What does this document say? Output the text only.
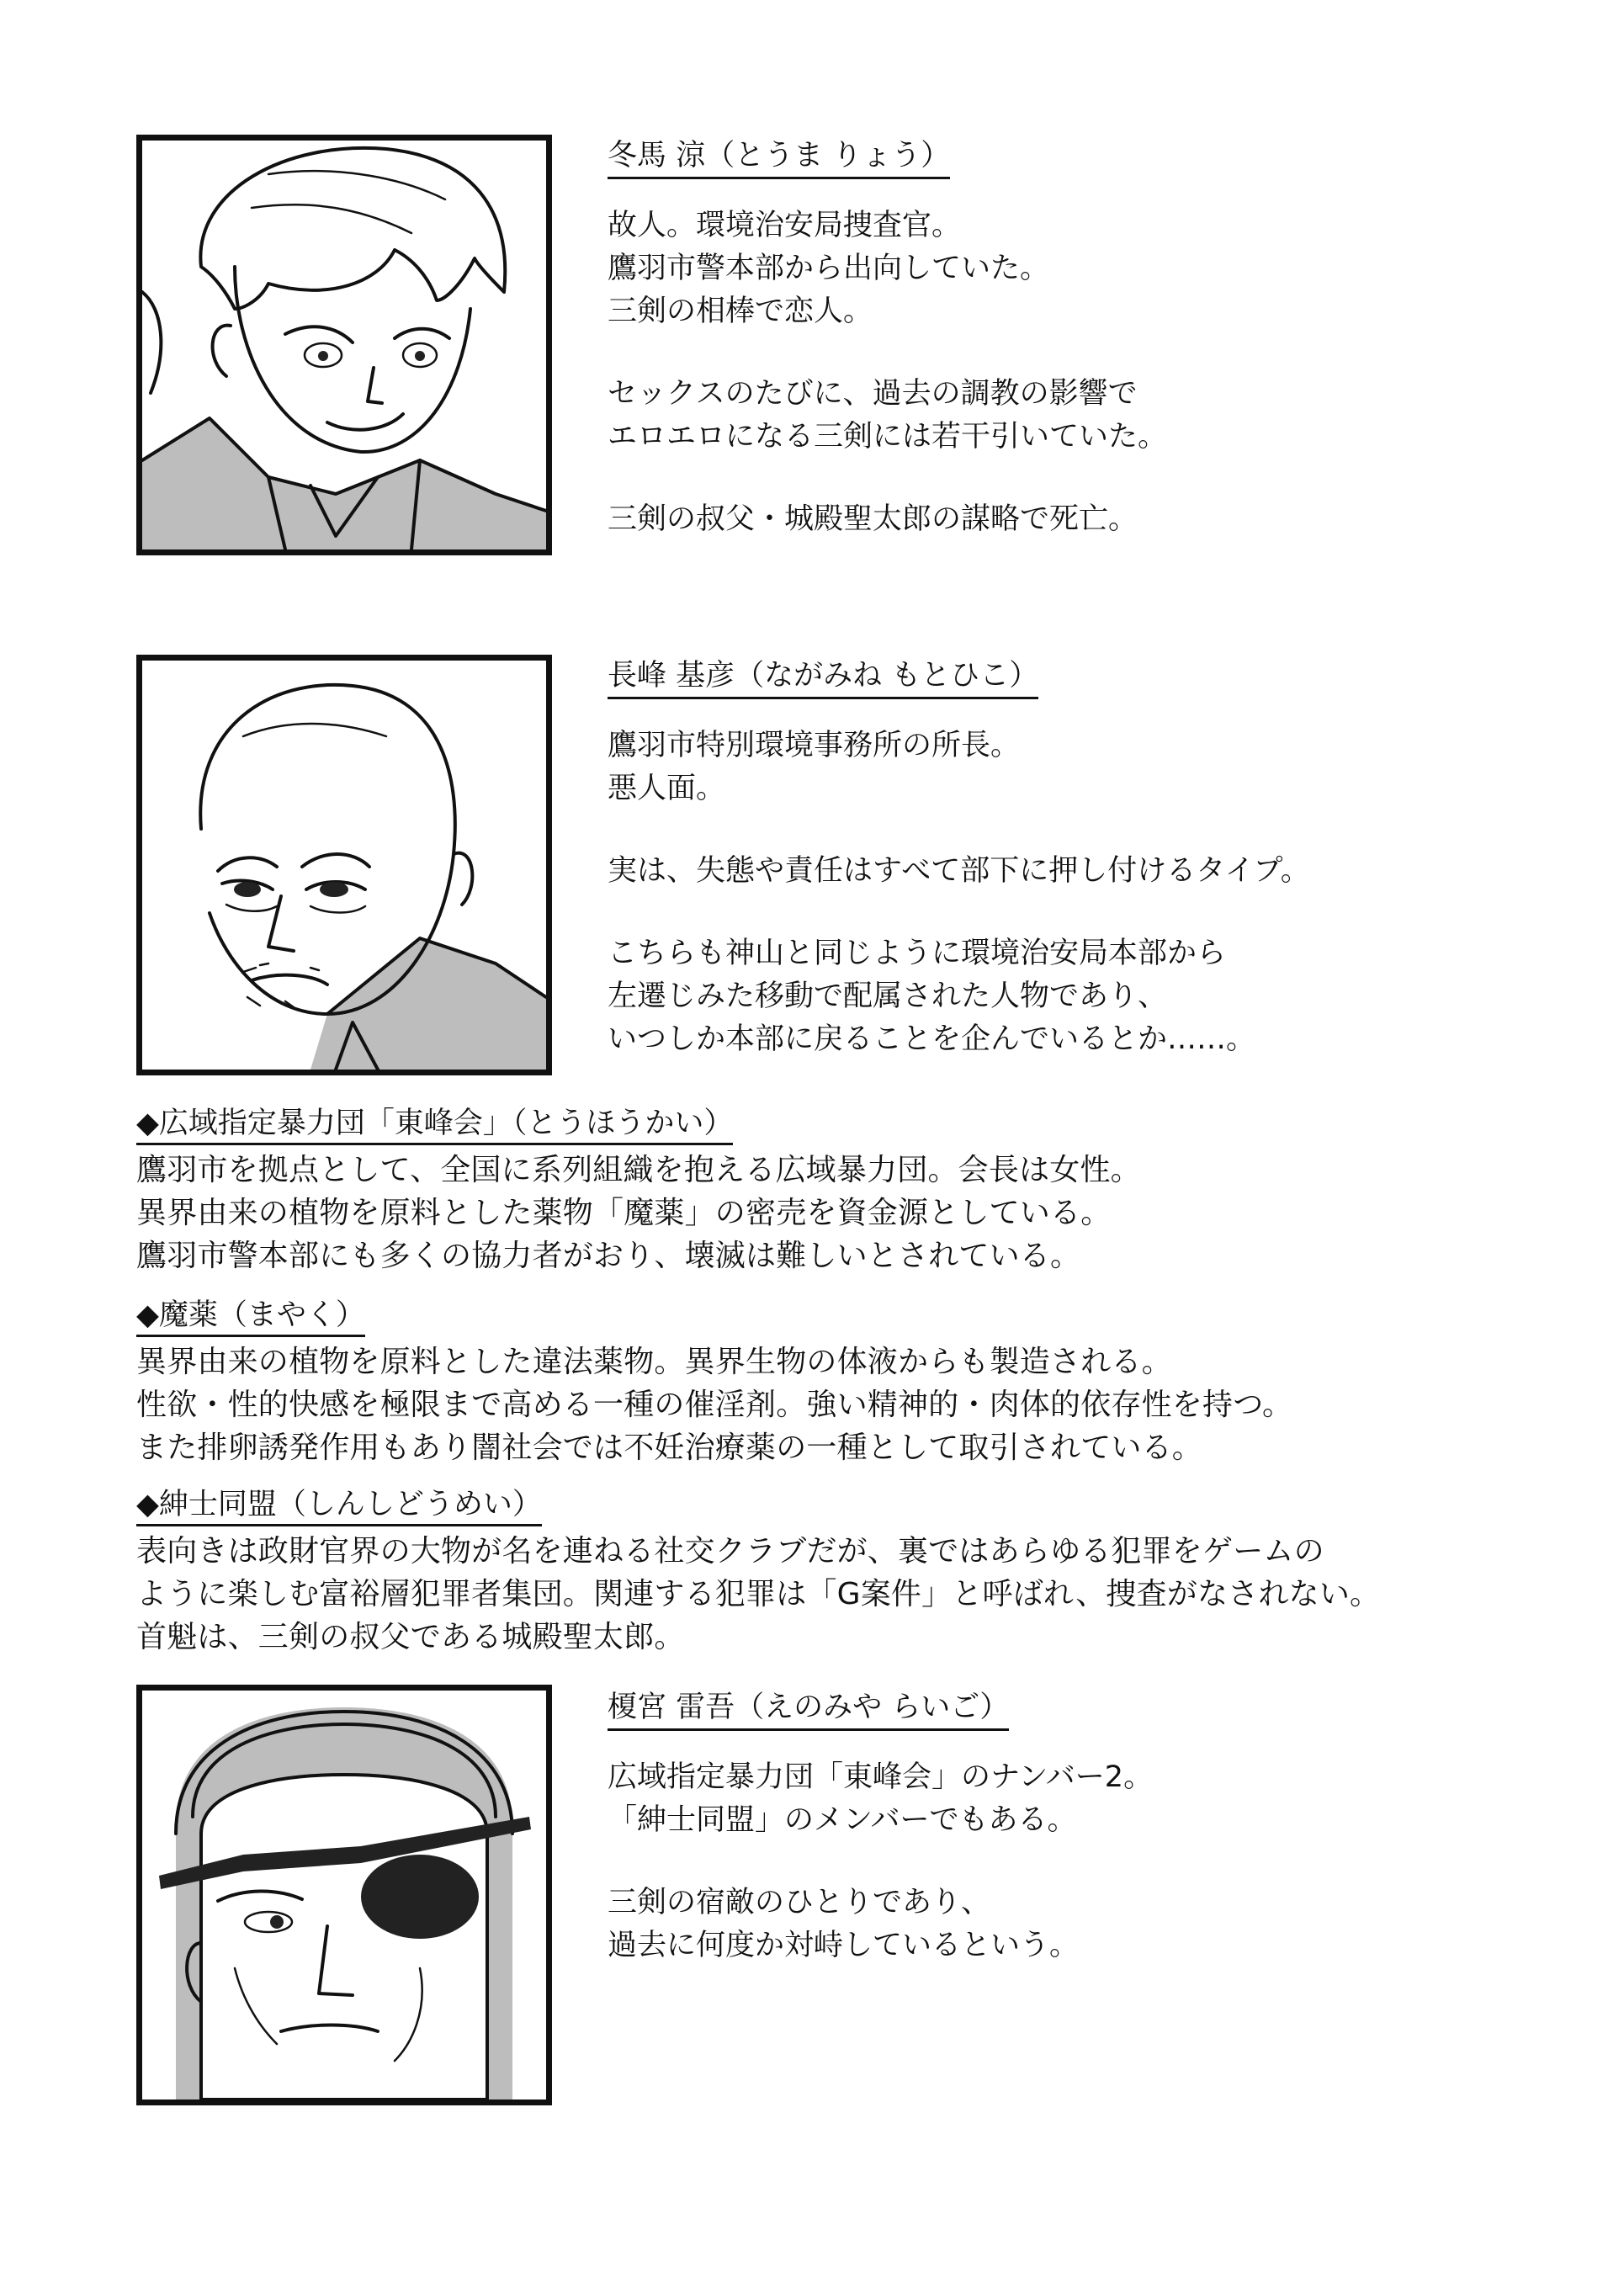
冬馬 涼（とうま りょう）

故人。環境治安局捜査官。
鷹羽市警本部から出向していた。
三剣の相棒で恋人。

セックスのたびに、過去の調教の影響で
エロエロになる三剣には若干引いていた。

三剣の叔父・城殿聖太郎の謀略で死亡。

長峰 基彦（ながみね もとひこ）

鷹羽市特別環境事務所の所長。
悪人面。

実は、失態や責任はすべて部下に押し付けるタイプ。

こちらも神山と同じように環境治安局本部から
左遷じみた移動で配属された人物であり、
いつしか本部に戻ることを企んでいるとか……。

◆広域指定暴力団「東峰会」（とうほうかい）

鷹羽市を拠点として、全国に系列組織を抱える広域暴力団。会長は女性。
異界由来の植物を原料とした薬物「魔薬」の密売を資金源としている。
鷹羽市警本部にも多くの協力者がおり、壊滅は難しいとされている。

◆魔薬（まやく）

異界由来の植物を原料とした違法薬物。異界生物の体液からも製造される。
性欲・性的快感を極限まで高める一種の催淫剤。強い精神的・肉体的依存性を持つ。
また排卵誘発作用もあり闇社会では不妊治療薬の一種として取引されている。

◆紳士同盟（しんしどうめい）

表向きは政財官界の大物が名を連ねる社交クラブだが、裏ではあらゆる犯罪をゲームの
ように楽しむ富裕層犯罪者集団。関連する犯罪は「G案件」と呼ばれ、捜査がなされない。
首魁は、三剣の叔父である城殿聖太郎。

榎宮 雷吾（えのみや らいご）

広域指定暴力団「東峰会」のナンバー2。
「紳士同盟」のメンバーでもある。

三剣の宿敵のひとりであり、
過去に何度か対峙しているという。
